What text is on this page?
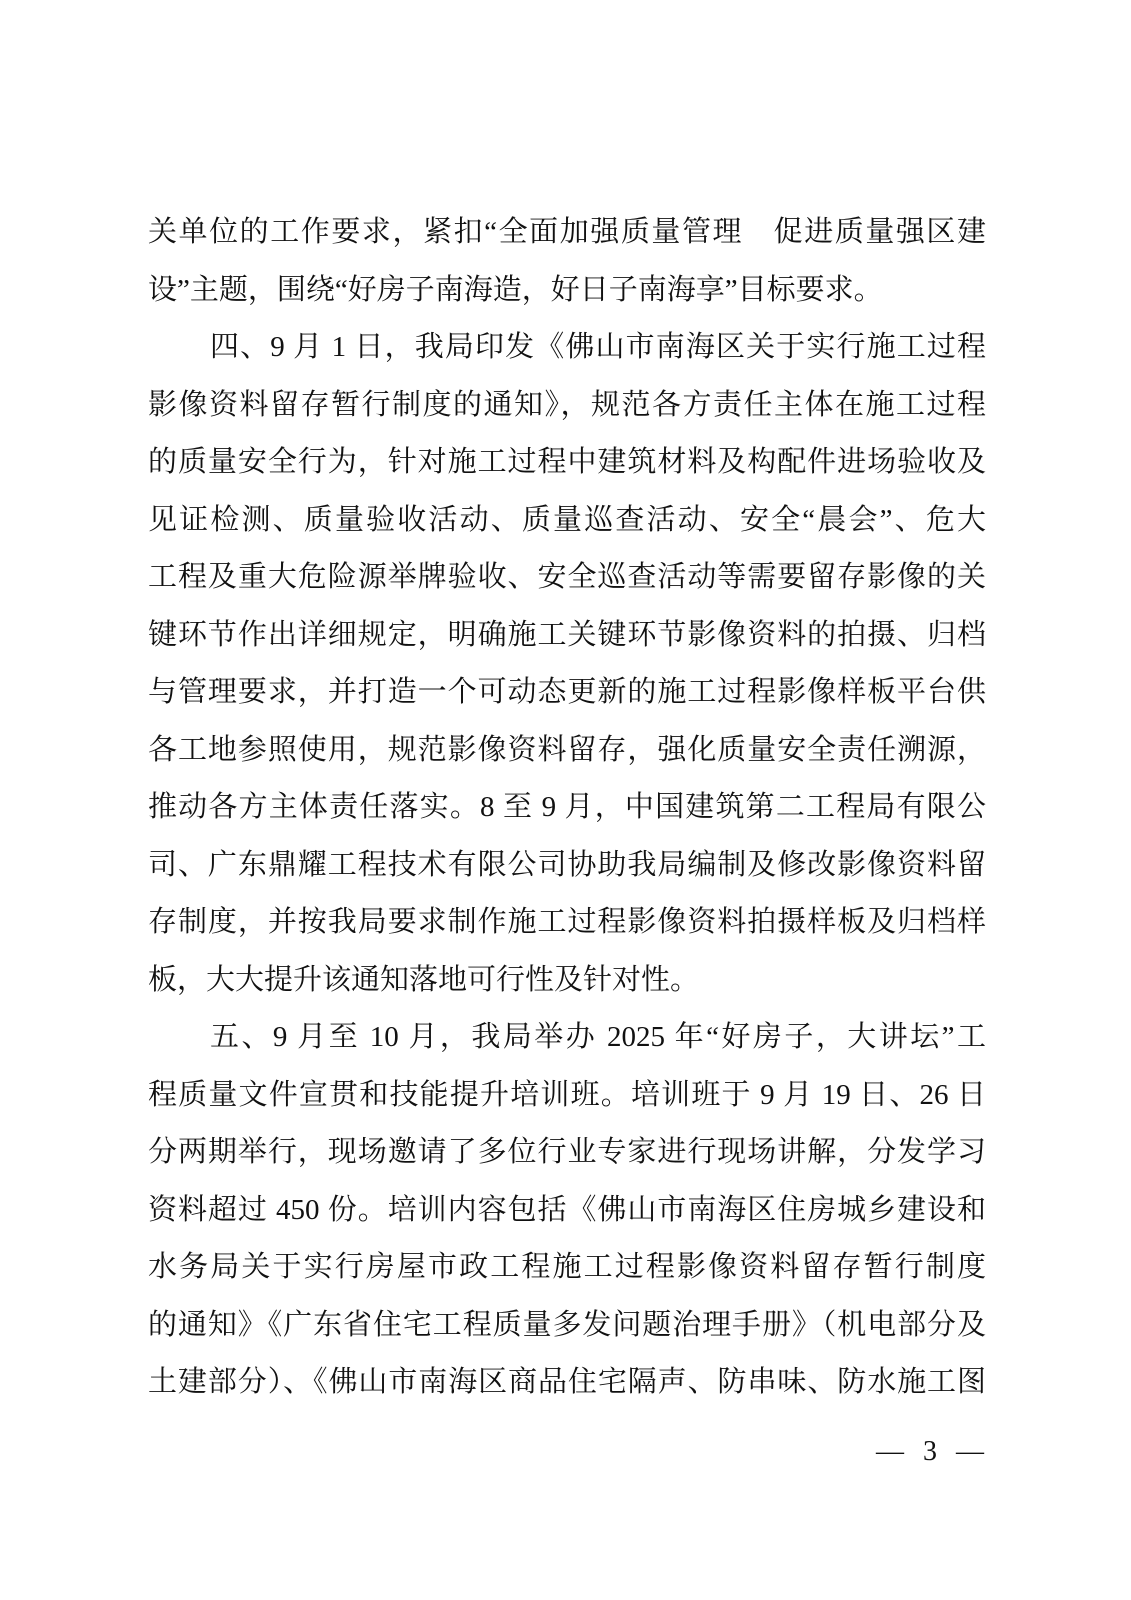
关单位的工作要求，紧扣“全面加强质量管理　促进质量强区建
设”主题，围绕“好房子南海造，好日子南海享”目标要求。
四、9 月 1 日，我局印发《佛山市南海区关于实行施工过程
影像资料留存暂行制度的通知》，规范各方责任主体在施工过程
的质量安全行为，针对施工过程中建筑材料及构配件进场验收及
见证检测、质量验收活动、质量巡查活动、安全“晨会”、危大
工程及重大危险源举牌验收、安全巡查活动等需要留存影像的关
键环节作出详细规定，明确施工关键环节影像资料的拍摄、归档
与管理要求，并打造一个可动态更新的施工过程影像样板平台供
各工地参照使用，规范影像资料留存，强化质量安全责任溯源，
推动各方主体责任落实。8 至 9 月，中国建筑第二工程局有限公
司、广东鼎耀工程技术有限公司协助我局编制及修改影像资料留
存制度，并按我局要求制作施工过程影像资料拍摄样板及归档样
板，大大提升该通知落地可行性及针对性。
五、9 月至 10 月，我局举办 2025 年“好房子，大讲坛”工
程质量文件宣贯和技能提升培训班。培训班于 9 月 19 日、26 日
分两期举行，现场邀请了多位行业专家进行现场讲解，分发学习
资料超过 450 份。培训内容包括《佛山市南海区住房城乡建设和
水务局关于实行房屋市政工程施工过程影像资料留存暂行制度
的通知》《广东省住宅工程质量多发问题治理手册》（机电部分及
土建部分）、《佛山市南海区商品住宅隔声、防串味、防水施工图
— 3 —
